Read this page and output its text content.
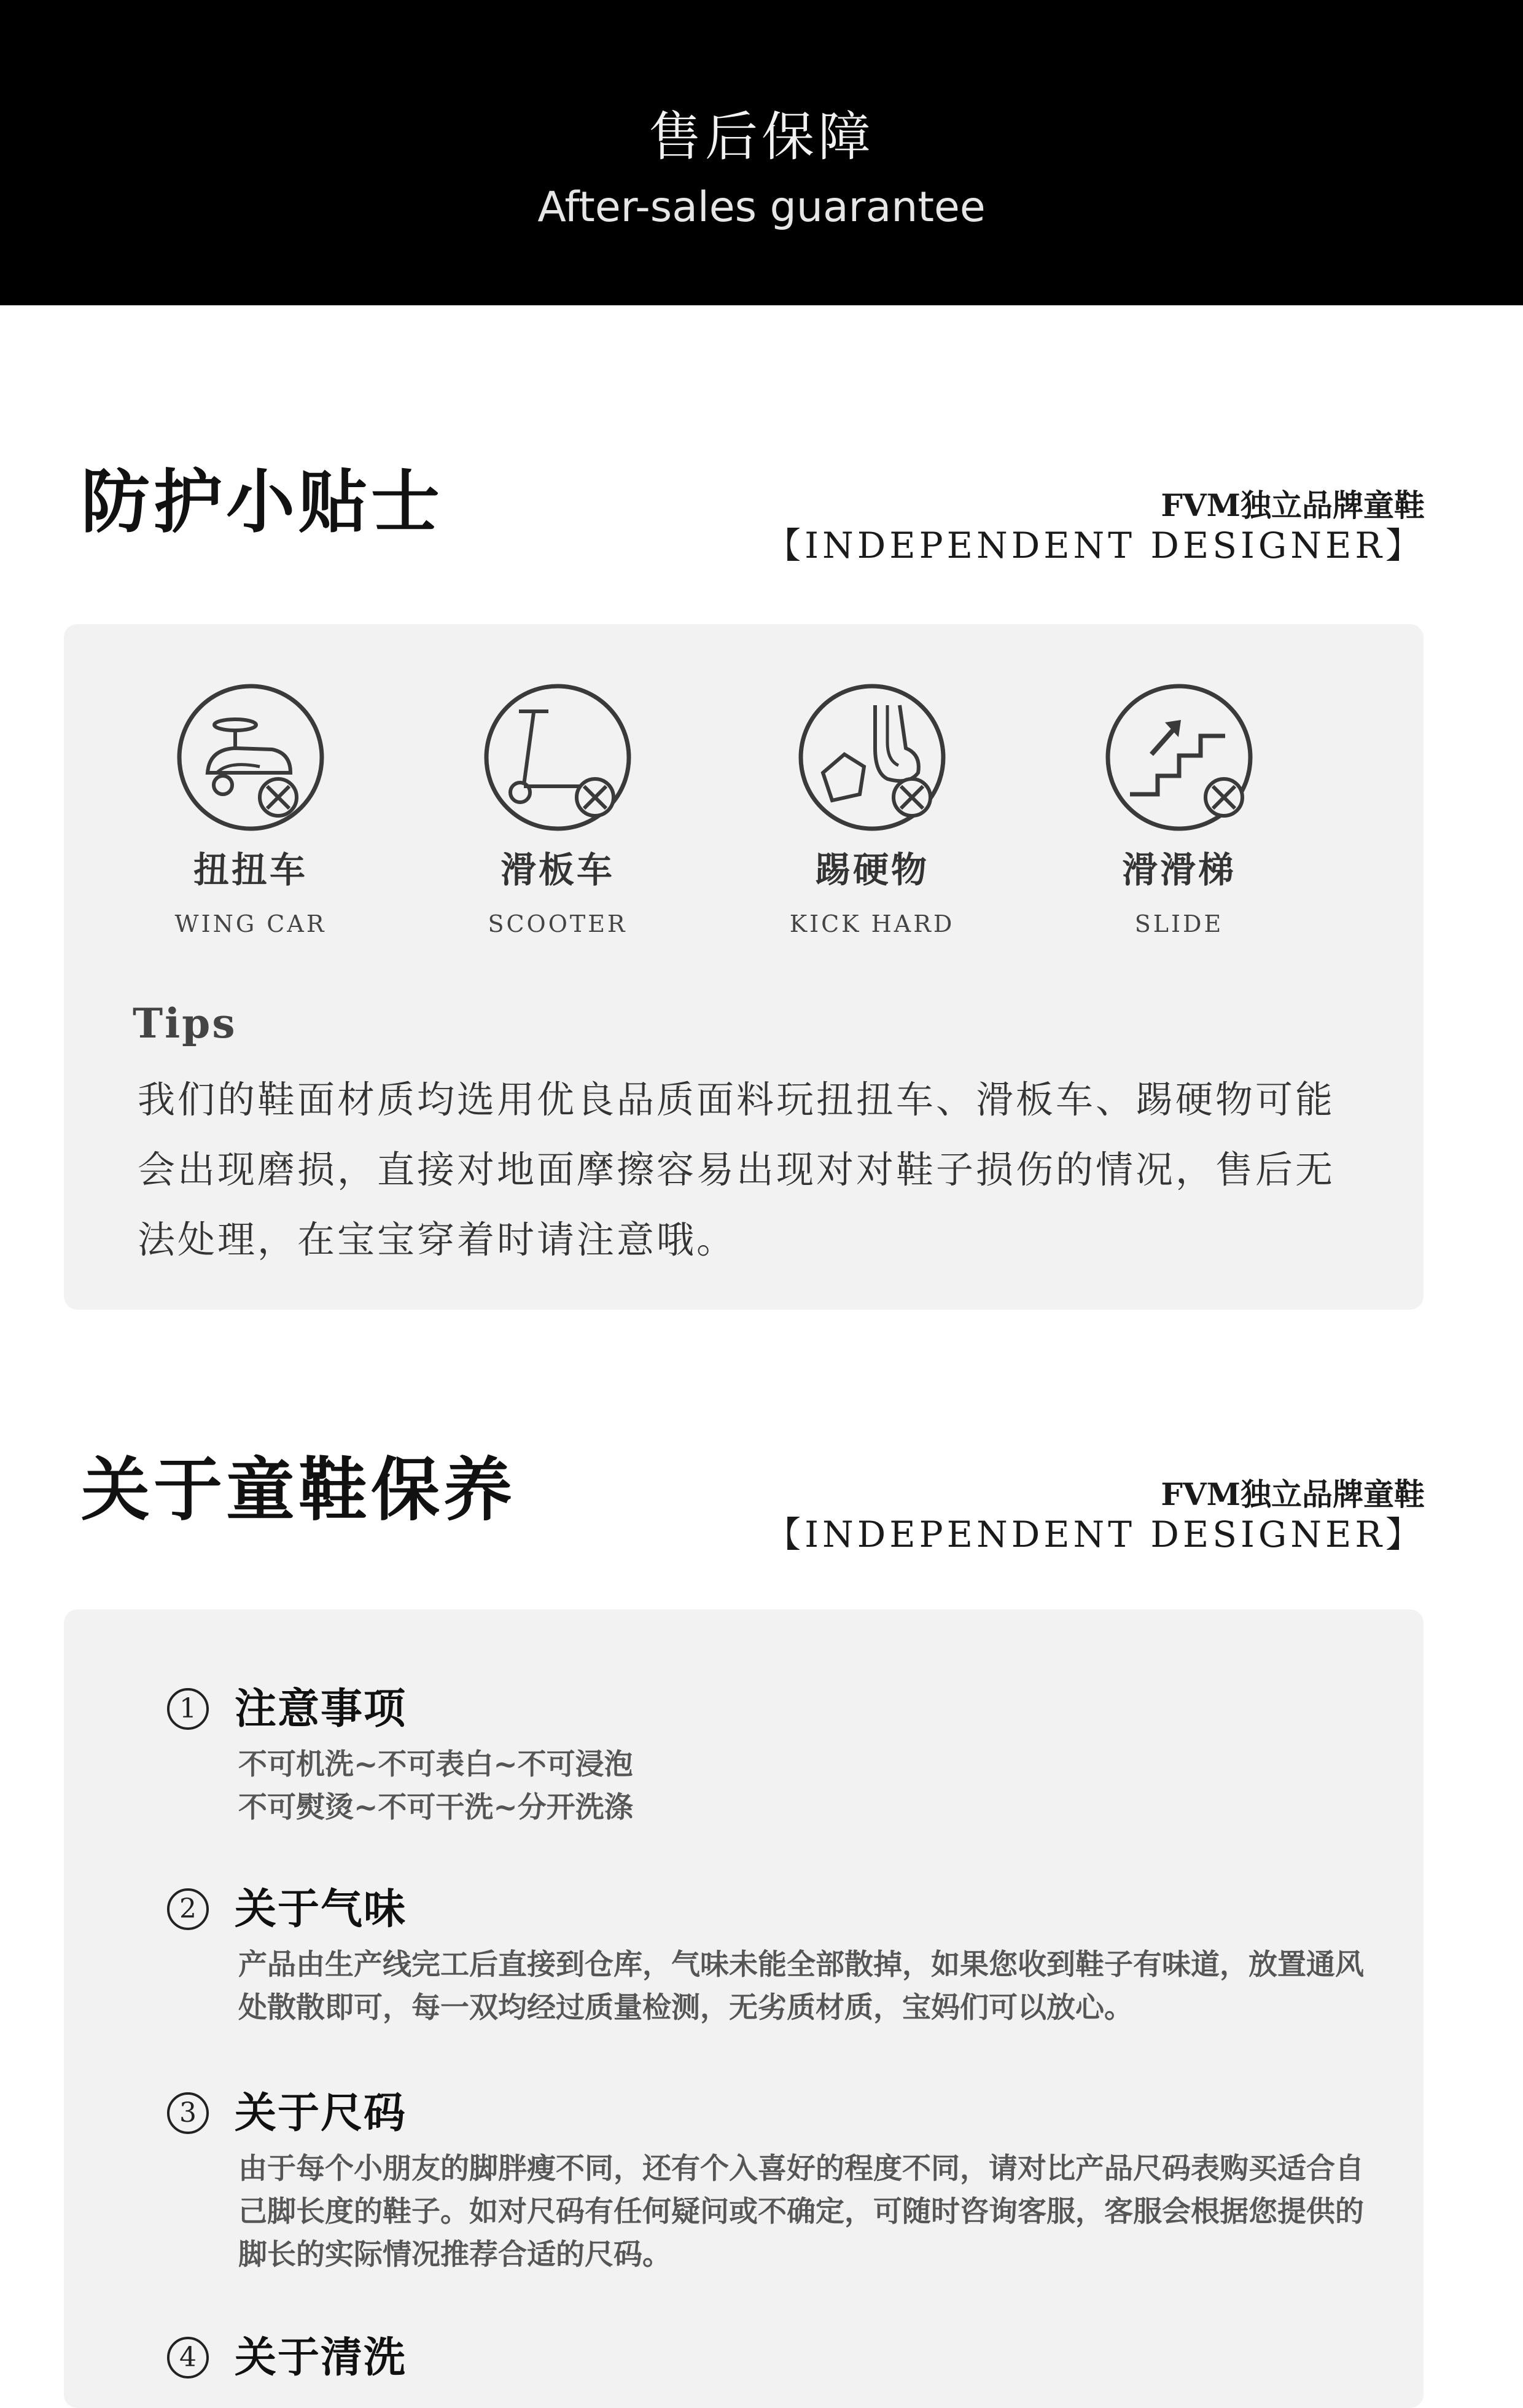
售后保障
After-sales guarantee
防护小贴士	FVM独立品牌童鞋
【INDEPENDENT DESIGNER】
扭扭车
WING CAR
滑板车
SCOOTER
踢硬物
KICK HARD
滑滑梯
SLIDE
Tips
我们的鞋面材质均选用优良品质面料玩扭扭车、滑板车、踢硬物可能会出现磨损，直接对地面摩擦容易出现对对鞋子损伤的情况，售后无法处理，在宝宝穿着时请注意哦。
关于童鞋保养	FVM独立品牌童鞋
【INDEPENDENT DESIGNER】
1 注意事项
不可机洗~不可表白~不可浸泡
不可熨烫~不可干洗~分开洗涤
2 关于气味
产品由生产线完工后直接到仓库，气味未能全部散掉，如果您收到鞋子有味道，放置通风
处散散即可，每一双均经过质量检测，无劣质材质，宝妈们可以放心。
3 关于尺码
由于每个小朋友的脚胖瘦不同，还有个入喜好的程度不同，请对比产品尺码表购买适合自
己脚长度的鞋子。如对尺码有任何疑问或不确定，可随时咨询客服，客服会根据您提供的
脚长的实际情况推荐合适的尺码。
4 关于清洗
